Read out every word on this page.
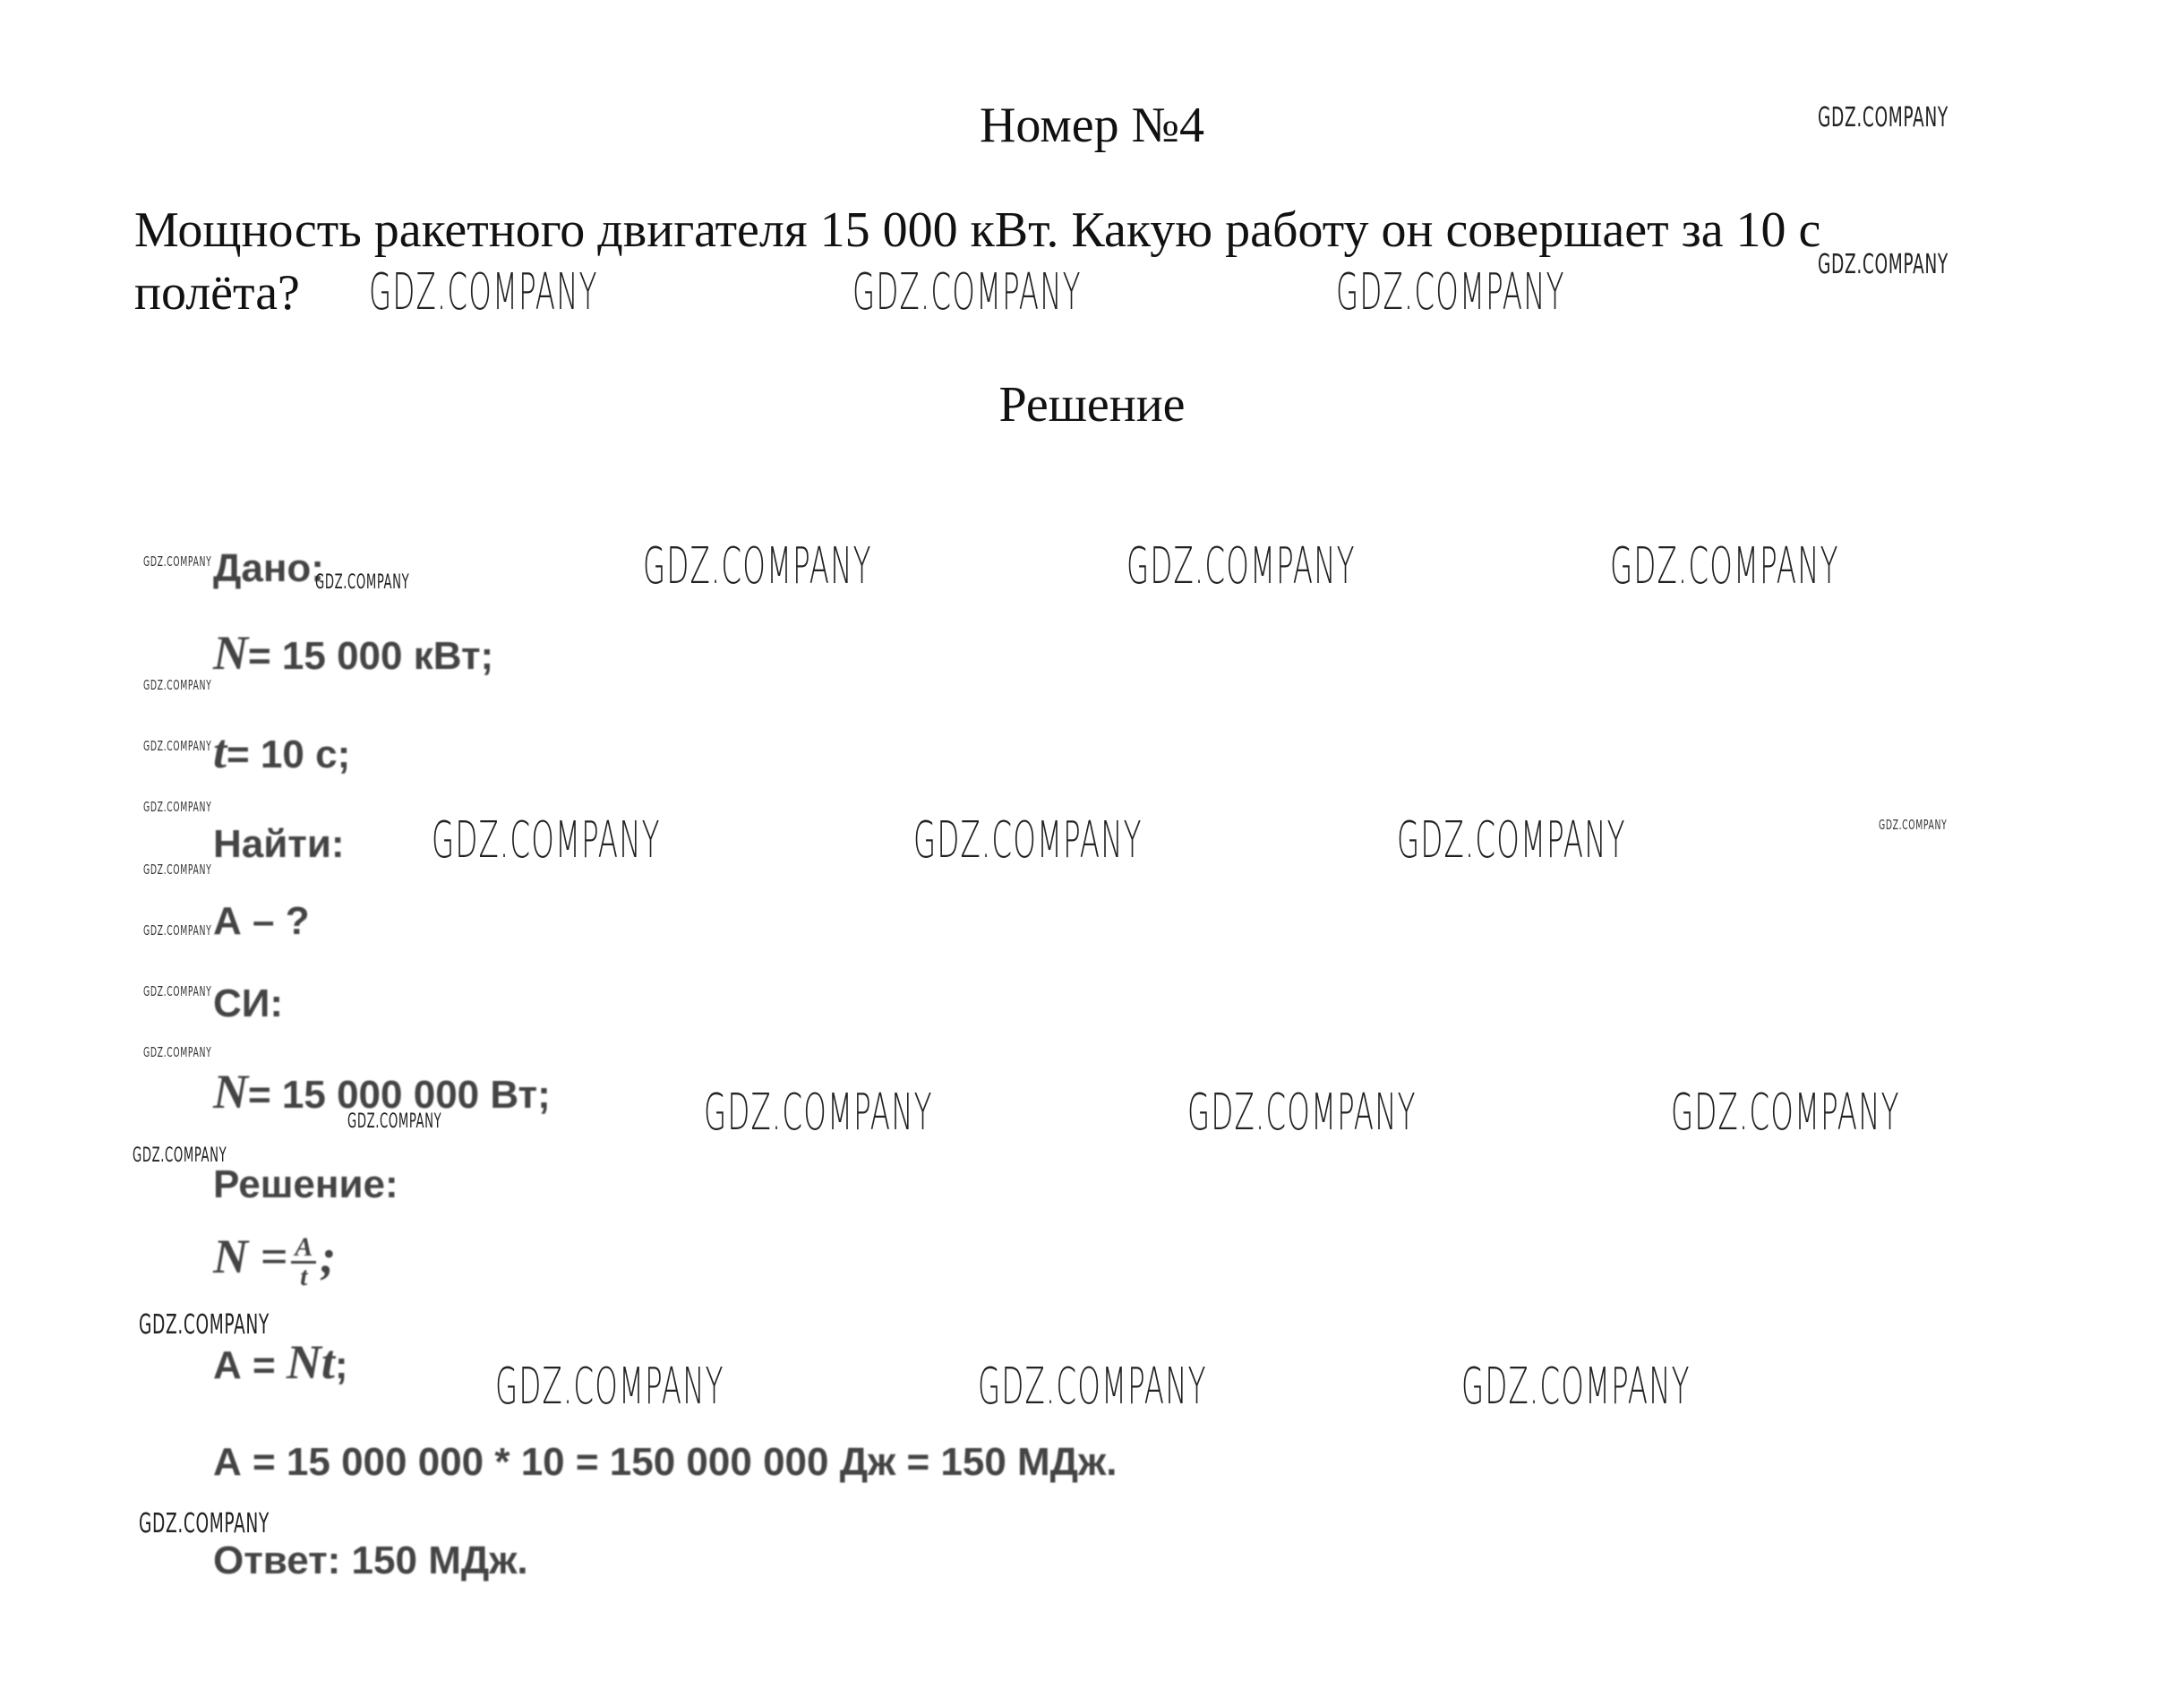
Номер №4
Мощность ракетного двигателя 15 000 кВт. Какую работу он совершает за 10 с
полёта?
Решение
Дано:
N= 15 000 кВт;
t= 10 с;
Найти:
А – ?
СИ:
N= 15 000 000 Вт;
Решение:
$N = \frac{A}{t}$ ;
А = Nt;
А = 15 000 000 * 10 = 150 000 000 Дж = 150 МДж.
Ответ: 150 МДж.
GDZ.COMPANY
GDZ.COMPANY
GDZ.COMPANY	GDZ.COMPANY	GDZ.COMPANY
GDZ.COMPANY
GDZ.COMPANY	GDZ.COMPANY	GDZ.COMPANY	GDZ.COMPANY
GDZ.COMPANY
GDZ.COMPANY
GDZ.COMPANY
GDZ.COMPANY	GDZ.COMPANY	GDZ.COMPANY	GDZ.COMPANY
GDZ.COMPANY
GDZ.COMPANY
GDZ.COMPANY
GDZ.COMPANY
GDZ.COMPANY	GDZ.COMPANY	GDZ.COMPANY	GDZ.COMPANY
GDZ.COMPANY
GDZ.COMPANY
GDZ.COMPANY	GDZ.COMPANY	GDZ.COMPANY
GDZ.COMPANY
